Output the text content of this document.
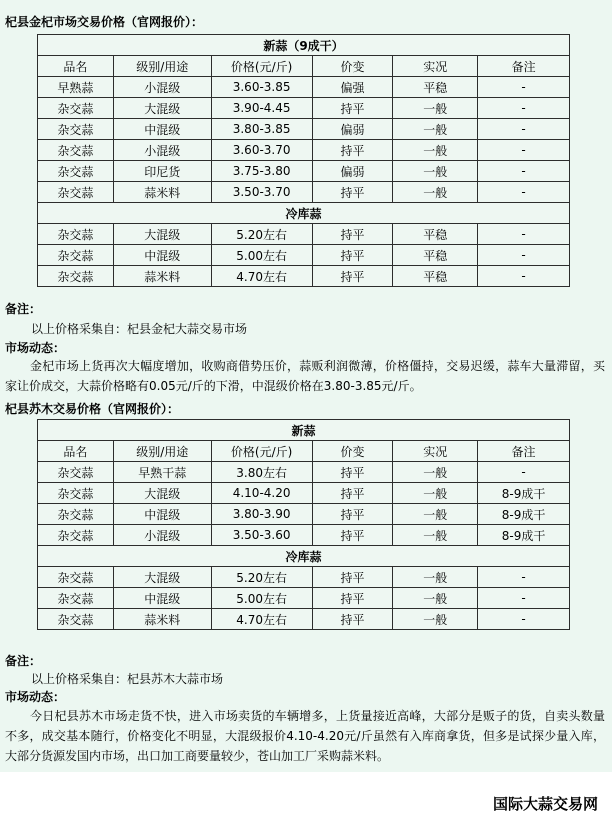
杞县金杞市场交易价格（官网报价）：
新蒜（9成干）					
品名	级别/用途	价格(元/斤)	价变	实况	备注
早熟蒜	小混级	3.60-3.85	偏强	平稳	-
杂交蒜	大混级	3.90-4.45	持平	一般	-
杂交蒜	中混级	3.80-3.85	偏弱	一般	-
杂交蒜	小混级	3.60-3.70	持平	一般	-
杂交蒜	印尼货	3.75-3.80	偏弱	一般	-
杂交蒜	蒜米料	3.50-3.70	持平	一般	-
冷库蒜					
杂交蒜	大混级	5.20左右	持平	平稳	-
杂交蒜	中混级	5.00左右	持平	平稳	-
杂交蒜	蒜米料	4.70左右	持平	平稳	-
备注：
以上价格采集自：杞县金杞大蒜交易市场
市场动态：
金杞市场上货再次大幅度增加，收购商借势压价，蒜贩利润微薄，价格僵持，交易迟缓，蒜车大量滞留，买家让价成交，大蒜价格略有0.05元/斤的下滑，中混级价格在3.80-3.85元/斤。
杞县苏木交易价格（官网报价）：
新蒜					
品名	级别/用途	价格(元/斤)	价变	实况	备注
杂交蒜	早熟干蒜	3.80左右	持平	一般	-
杂交蒜	大混级	4.10-4.20	持平	一般	8-9成干
杂交蒜	中混级	3.80-3.90	持平	一般	8-9成干
杂交蒜	小混级	3.50-3.60	持平	一般	8-9成干
冷库蒜					
杂交蒜	大混级	5.20左右	持平	一般	-
杂交蒜	中混级	5.00左右	持平	一般	-
杂交蒜	蒜米料	4.70左右	持平	一般	-
备注：
以上价格采集自：杞县苏木大蒜市场
市场动态：
今日杞县苏木市场走货不快，进入市场卖货的车辆增多，上货量接近高峰，大部分是贩子的货，自卖头数量不多，成交基本随行，价格变化不明显，大混级报价4.10-4.20元/斤虽然有入库商拿货，但多是试探少量入库，大部分货源发国内市场，出口加工商要量较少，苍山加工厂采购蒜米料。
国际大蒜交易网
